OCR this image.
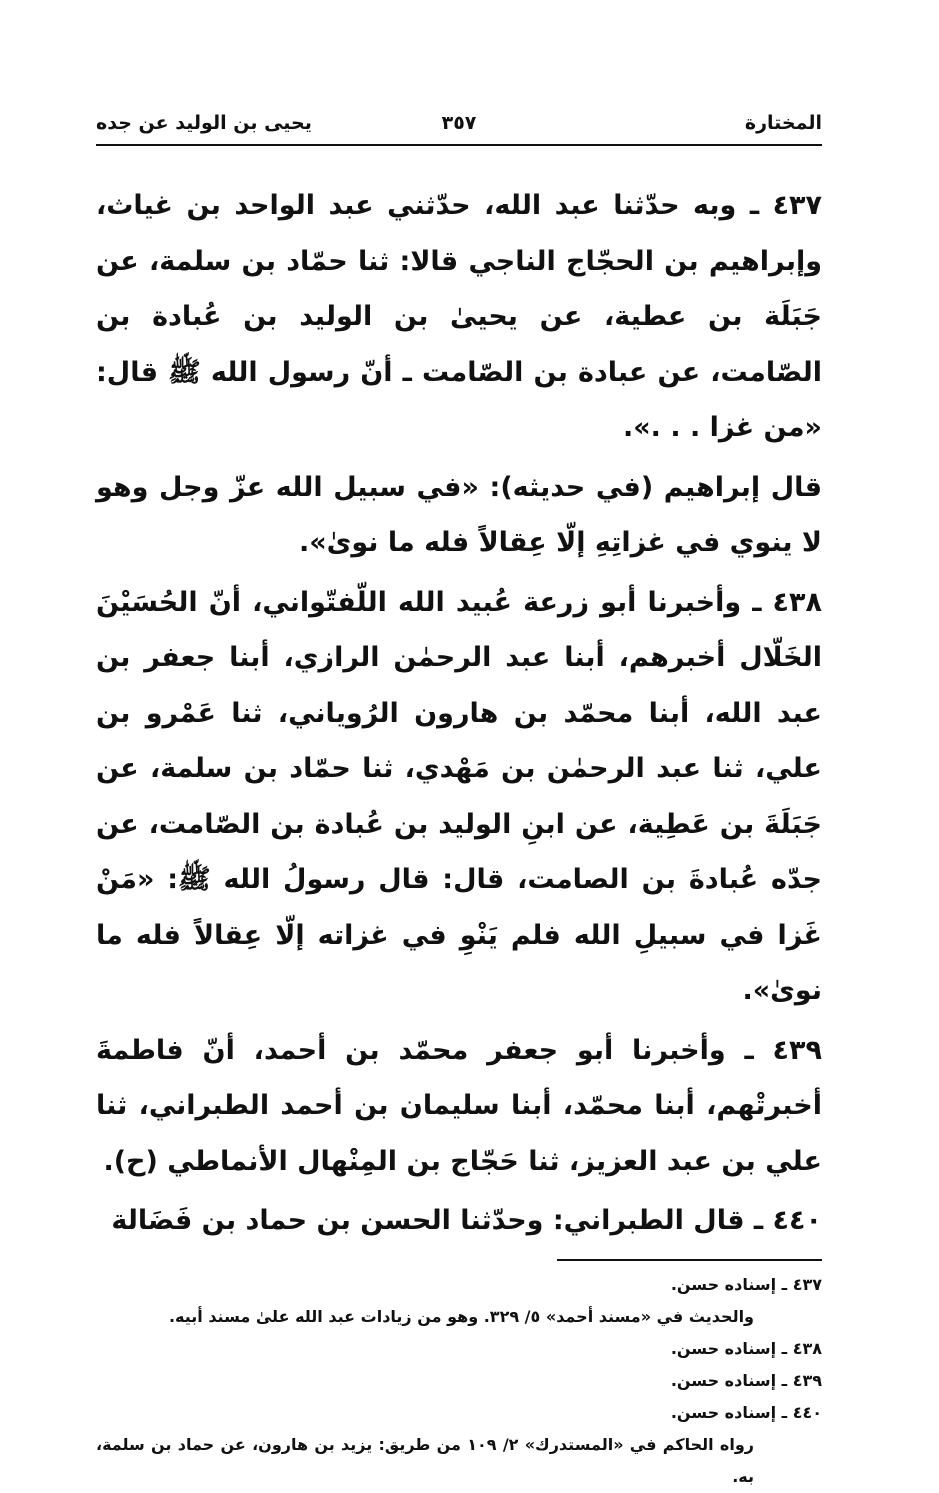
المختارة
٣٥٧
يحيى بن الوليد عن جده

٤٣٧ ـ وبه حدّثنا عبد الله، حدّثني عبد الواحد بن غياث، وإبراهيم بن الحجّاج الناجي قالا: ثنا حمّاد بن سلمة، عن جَبَلَة بن عطية، عن يحيىٰ بن الوليد بن عُبادة بن الصّامت، عن عبادة بن الصّامت ـ أنّ رسول الله ﷺ قال: «من غزا . . .».

قال إبراهيم (في حديثه): «في سبيل الله عزّ وجل وهو لا ينوي في غزاتِهِ إلّا عِقالاً فله ما نوىٰ».

٤٣٨ ـ وأخبرنا أبو زرعة عُبيد الله اللّفتّواني، أنّ الحُسَيْنَ الخَلّال أخبرهم، أبنا عبد الرحمٰن الرازي، أبنا جعفر بن عبد الله، أبنا محمّد بن هارون الرُوياني، ثنا عَمْرو بن علي، ثنا عبد الرحمٰن بن مَهْدي، ثنا حمّاد بن سلمة، عن جَبَلَةَ بن عَطِية، عن ابنِ الوليد بن عُبادة بن الصّامت، عن جدّه عُبادةَ بن الصامت، قال: قال رسولُ الله ﷺ: «مَنْ غَزا في سبيلِ الله فلم يَنْوِ في غزاته إلّا عِقالاً فله ما نوىٰ».

٤٣٩ ـ وأخبرنا أبو جعفر محمّد بن أحمد، أنّ فاطمةَ أخبرتْهم، أبنا محمّد، أبنا سليمان بن أحمد الطبراني، ثنا علي بن عبد العزيز، ثنا حَجّاج بن المِنْهال الأنماطي (ح).

٤٤٠ ـ قال الطبراني: وحدّثنا الحسن بن حماد بن فَضَالة

٤٣٧ ـ إسناده حسن.

والحديث في «مسند أحمد» ٥/ ٣٢٩. وهو من زيادات عبد الله علىٰ مسند أبيه.

٤٣٨ ـ إسناده حسن.

٤٣٩ ـ إسناده حسن.

٤٤٠ ـ إسناده حسن.

رواه الحاكم في «المستدرك» ٢/ ١٠٩ من طريق: يزيد بن هارون، عن حماد بن سلمة، به.
